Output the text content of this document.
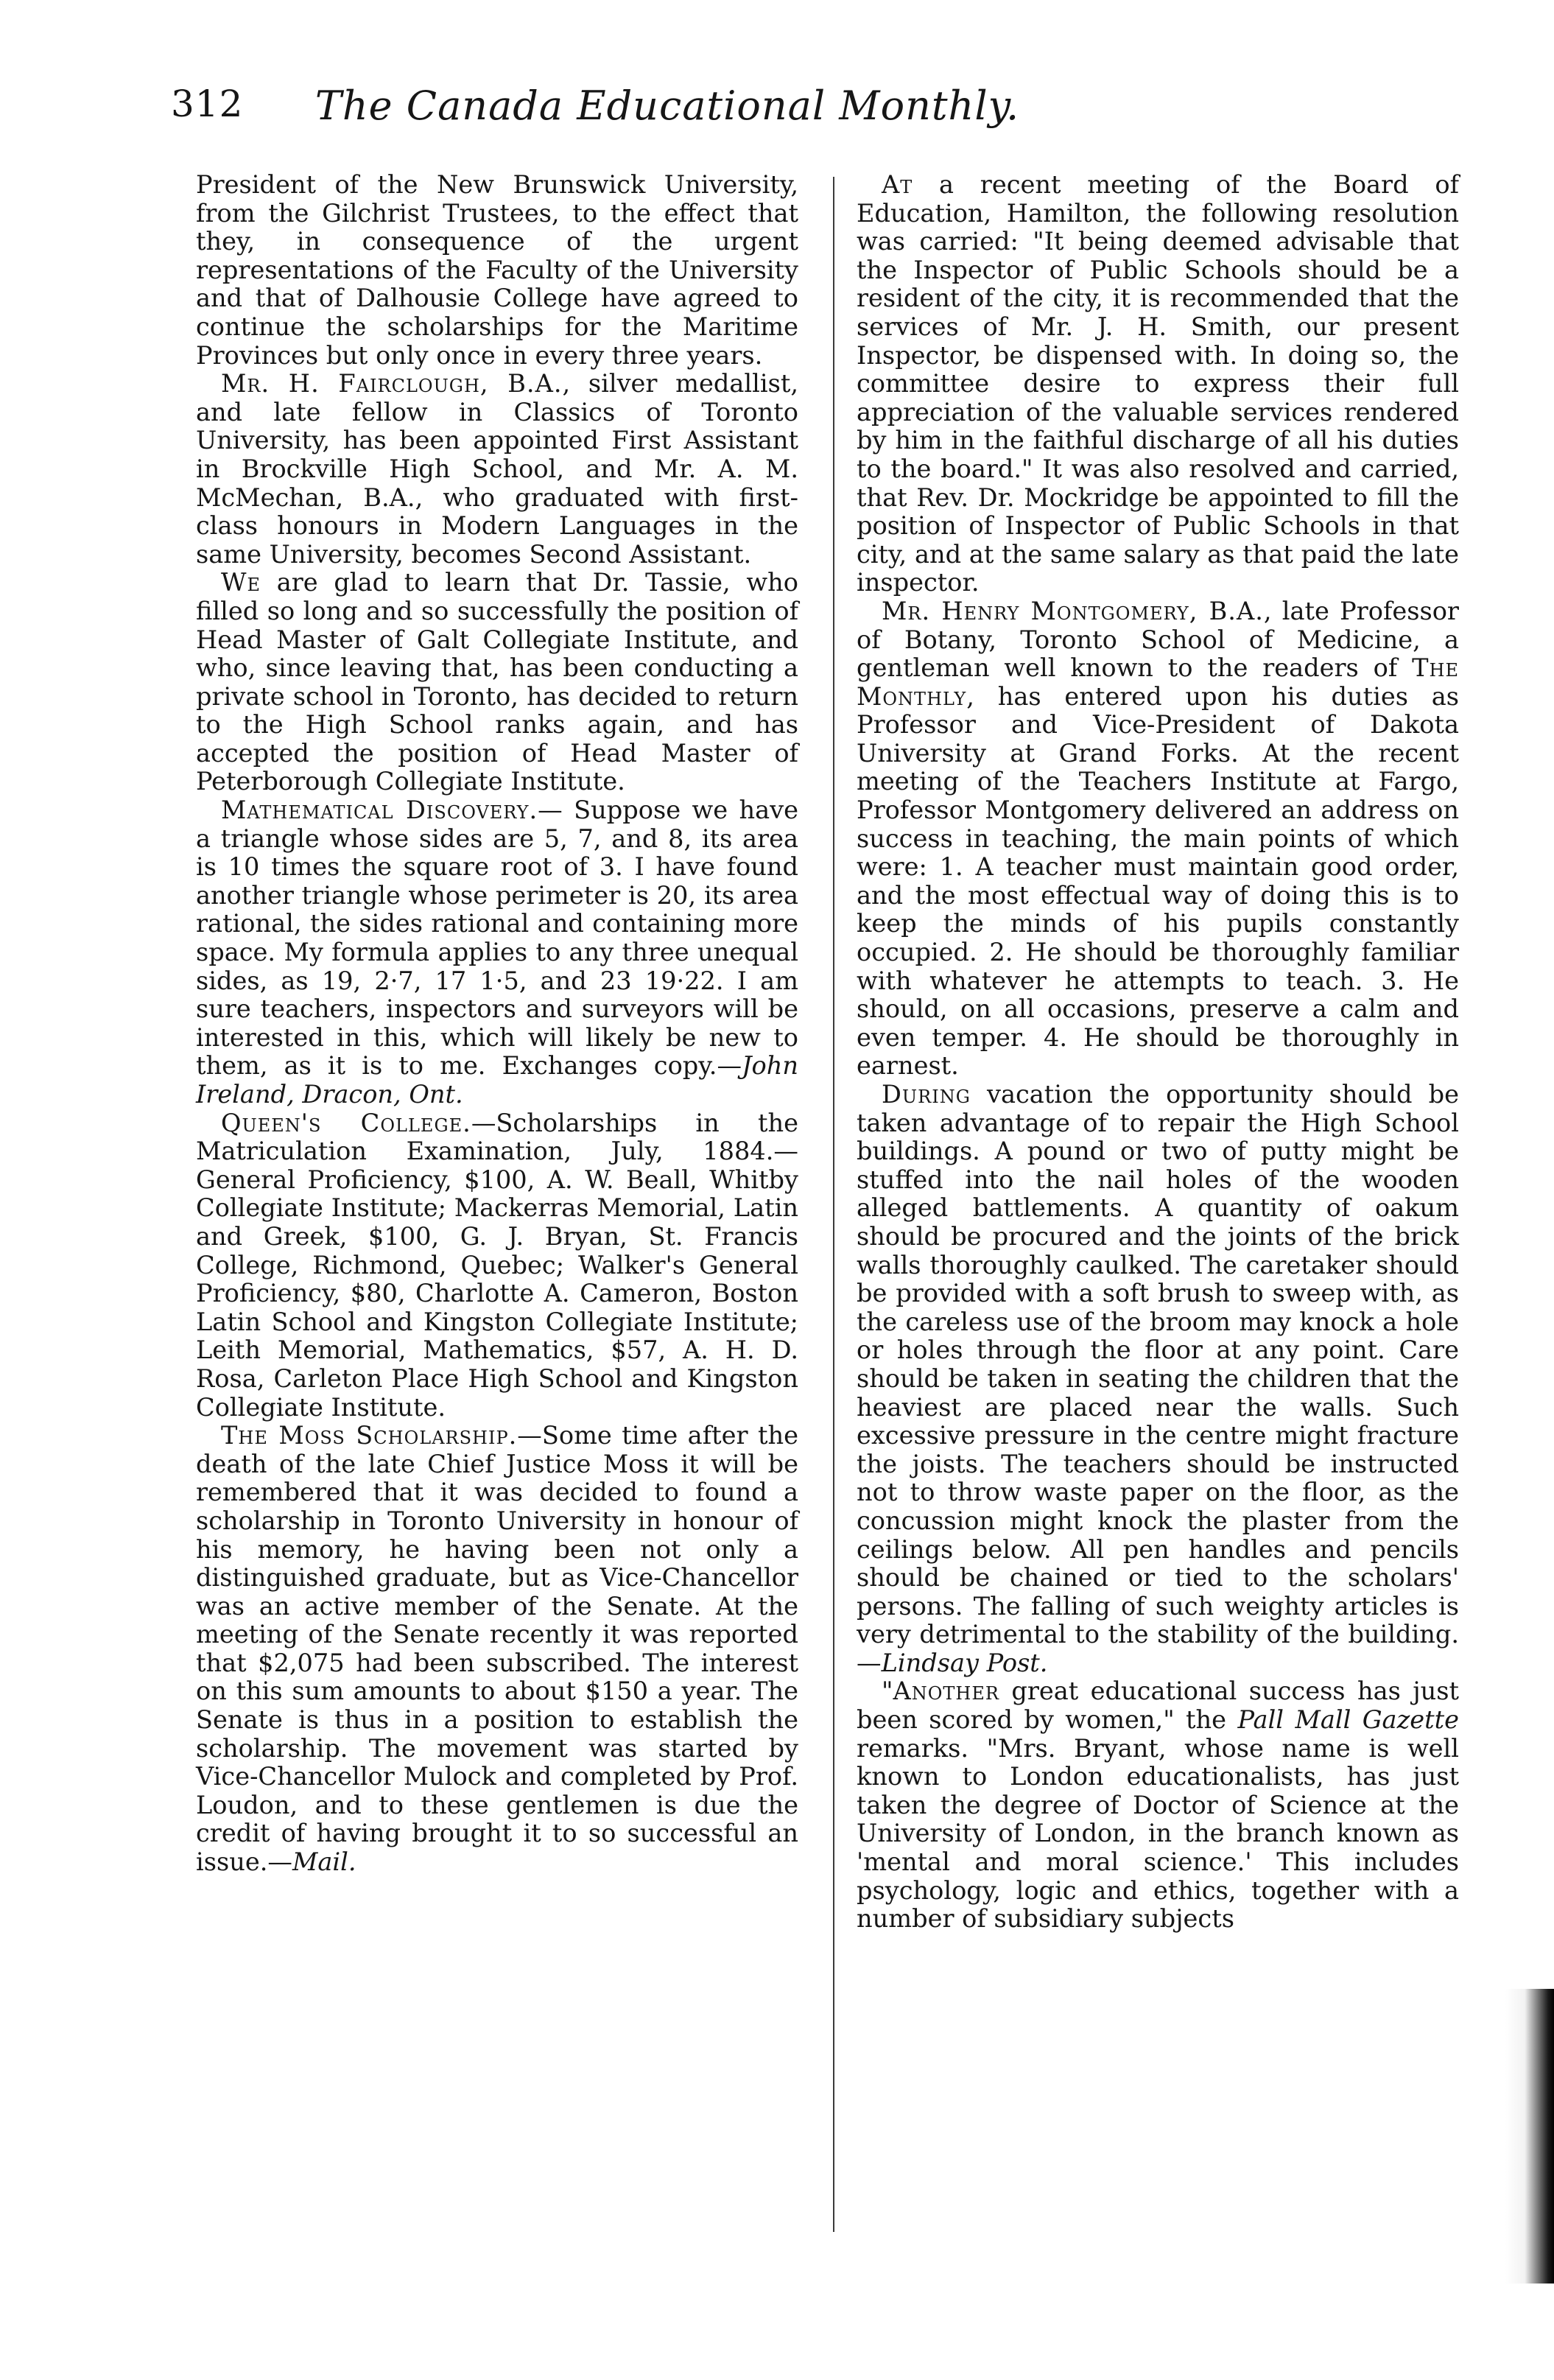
312	The Canada Educational Monthly.

President of the New Brunswick University, from the Gilchrist Trustees, to the effect that they, in consequence of the urgent representations of the Faculty of the University and that of Dalhousie College have agreed to continue the scholarships for the Maritime Provinces but only once in every three years.

Mr. H. Fairclough, B.A., silver medallist, and late fellow in Classics of Toronto University, has been appointed First Assistant in Brockville High School, and Mr. A. M. McMechan, B.A., who graduated with first-class honours in Modern Languages in the same University, becomes Second Assistant.

We are glad to learn that Dr. Tassie, who filled so long and so successfully the position of Head Master of Galt Collegiate Institute, and who, since leaving that, has been conducting a private school in Toronto, has decided to return to the High School ranks again, and has accepted the position of Head Master of Peterborough Collegiate Institute.

Mathematical Discovery.— Suppose we have a triangle whose sides are 5, 7, and 8, its area is 10 times the square root of 3. I have found another triangle whose perimeter is 20, its area rational, the sides rational and containing more space. My formula applies to any three unequal sides, as 19, 2·7, 17 1·5, and 23 19·22. I am sure teachers, inspectors and surveyors will be interested in this, which will likely be new to them, as it is to me. Exchanges copy.—John Ireland, Dracon, Ont.

Queen's College.—Scholarships in the Matriculation Examination, July, 1884.— General Proficiency, $100, A. W. Beall, Whitby Collegiate Institute; Mackerras Memorial, Latin and Greek, $100, G. J. Bryan, St. Francis College, Richmond, Quebec; Walker's General Proficiency, $80, Charlotte A. Cameron, Boston Latin School and Kingston Collegiate Institute; Leith Memorial, Mathematics, $57, A. H. D. Rosa, Carleton Place High School and Kingston Collegiate Institute.

The Moss Scholarship.—Some time after the death of the late Chief Justice Moss it will be remembered that it was decided to found a scholarship in Toronto University in honour of his memory, he having been not only a distinguished graduate, but as Vice-Chancellor was an active member of the Senate. At the meeting of the Senate recently it was reported that $2,075 had been subscribed. The interest on this sum amounts to about $150 a year. The Senate is thus in a position to establish the scholarship. The movement was started by Vice-Chancellor Mulock and completed by Prof. Loudon, and to these gentlemen is due the credit of having brought it to so successful an issue.—Mail.

At a recent meeting of the Board of Education, Hamilton, the following resolution was carried: "It being deemed advisable that the Inspector of Public Schools should be a resident of the city, it is recommended that the services of Mr. J. H. Smith, our present Inspector, be dispensed with. In doing so, the committee desire to express their full appreciation of the valuable services rendered by him in the faithful discharge of all his duties to the board." It was also resolved and carried, that Rev. Dr. Mockridge be appointed to fill the position of Inspector of Public Schools in that city, and at the same salary as that paid the late inspector.

Mr. Henry Montgomery, B.A., late Professor of Botany, Toronto School of Medicine, a gentleman well known to the readers of The Monthly, has entered upon his duties as Professor and Vice-President of Dakota University at Grand Forks. At the recent meeting of the Teachers Institute at Fargo, Professor Montgomery delivered an address on success in teaching, the main points of which were: 1. A teacher must maintain good order, and the most effectual way of doing this is to keep the minds of his pupils constantly occupied. 2. He should be thoroughly familiar with whatever he attempts to teach. 3. He should, on all occasions, preserve a calm and even temper. 4. He should be thoroughly in earnest.

During vacation the opportunity should be taken advantage of to repair the High School buildings. A pound or two of putty might be stuffed into the nail holes of the wooden alleged battlements. A quantity of oakum should be procured and the joints of the brick walls thoroughly caulked. The caretaker should be provided with a soft brush to sweep with, as the careless use of the broom may knock a hole or holes through the floor at any point. Care should be taken in seating the children that the heaviest are placed near the walls. Such excessive pressure in the centre might fracture the joists. The teachers should be instructed not to throw waste paper on the floor, as the concussion might knock the plaster from the ceilings below. All pen handles and pencils should be chained or tied to the scholars' persons. The falling of such weighty articles is very detrimental to the stability of the building.—Lindsay Post.

"Another great educational success has just been scored by women," the Pall Mall Gazette remarks. "Mrs. Bryant, whose name is well known to London educationalists, has just taken the degree of Doctor of Science at the University of London, in the branch known as 'mental and moral science.' This includes psychology, logic and ethics, together with a number of subsidiary subjects
